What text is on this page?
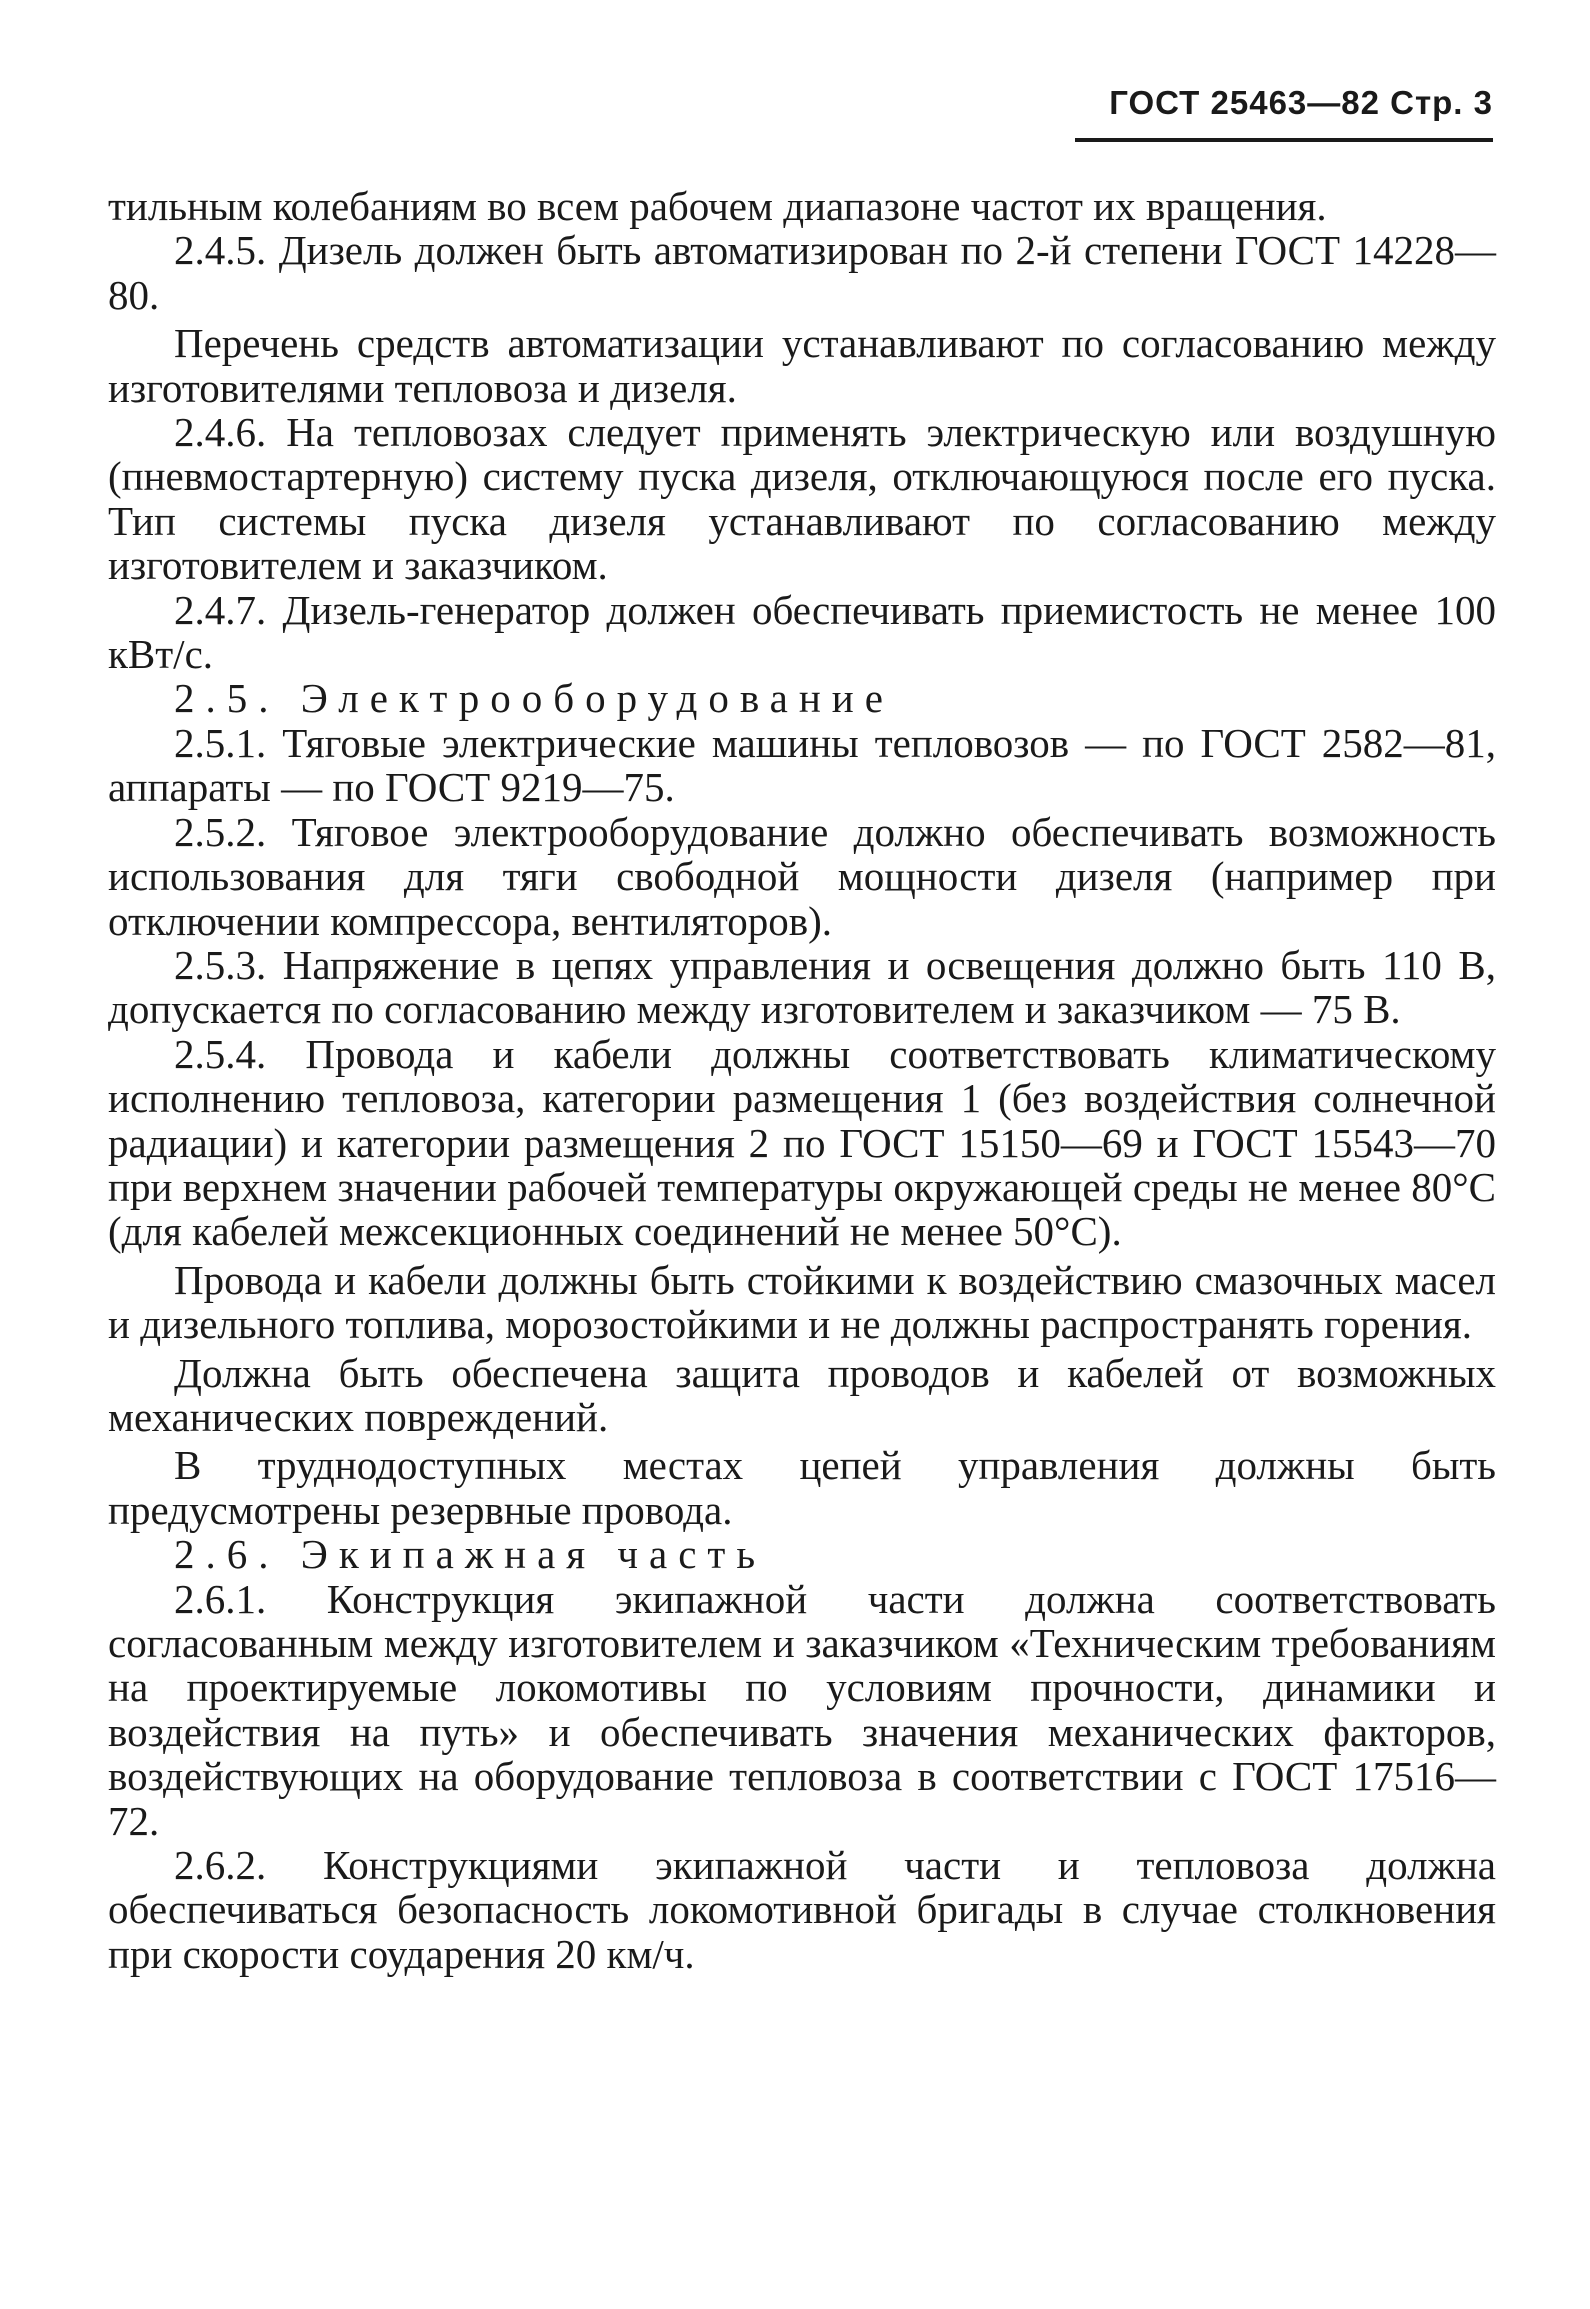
ГОСТ 25463—82 Стр. 3

тильным колебаниям во всем рабочем диапазоне частот их вращения.

2.4.5. Дизель должен быть автоматизирован по 2-й степени ГОСТ 14228—80.

Перечень средств автоматизации устанавливают по согласованию между изготовителями тепловоза и дизеля.

2.4.6. На тепловозах следует применять электрическую или воздушную (пневмостартерную) систему пуска дизеля, отключающуюся после его пуска. Тип системы пуска дизеля устанавливают по согласованию между изготовителем и заказчиком.

2.4.7. Дизель-генератор должен обеспечивать приемистость не менее 100 кВт/с.

2.5. Электрооборудование

2.5.1. Тяговые электрические машины тепловозов — по ГОСТ 2582—81, аппараты — по ГОСТ 9219—75.

2.5.2. Тяговое электрооборудование должно обеспечивать возможность использования для тяги свободной мощности дизеля (например при отключении компрессора, вентиляторов).

2.5.3. Напряжение в цепях управления и освещения должно быть 110 В, допускается по согласованию между изготовителем и заказчиком — 75 В.

2.5.4. Провода и кабели должны соответствовать климатическому исполнению тепловоза, категории размещения 1 (без воздействия солнечной радиации) и категории размещения 2 по ГОСТ 15150—69 и ГОСТ 15543—70 при верхнем значении рабочей температуры окружающей среды не менее 80°С (для кабелей межсекционных соединений не менее 50°С).

Провода и кабели должны быть стойкими к воздействию смазочных масел и дизельного топлива, морозостойкими и не должны распространять горения.

Должна быть обеспечена защита проводов и кабелей от возможных механических повреждений.

В труднодоступных местах цепей управления должны быть предусмотрены резервные провода.

2.6. Экипажная часть

2.6.1. Конструкция экипажной части должна соответствовать согласованным между изготовителем и заказчиком «Техническим требованиям на проектируемые локомотивы по условиям прочности, динамики и воздействия на путь» и обеспечивать значения механических факторов, воздействующих на оборудование тепловоза в соответствии с ГОСТ 17516—72.

2.6.2. Конструкциями экипажной части и тепловоза должна обеспечиваться безопасность локомотивной бригады в случае столкновения при скорости соударения 20 км/ч.
